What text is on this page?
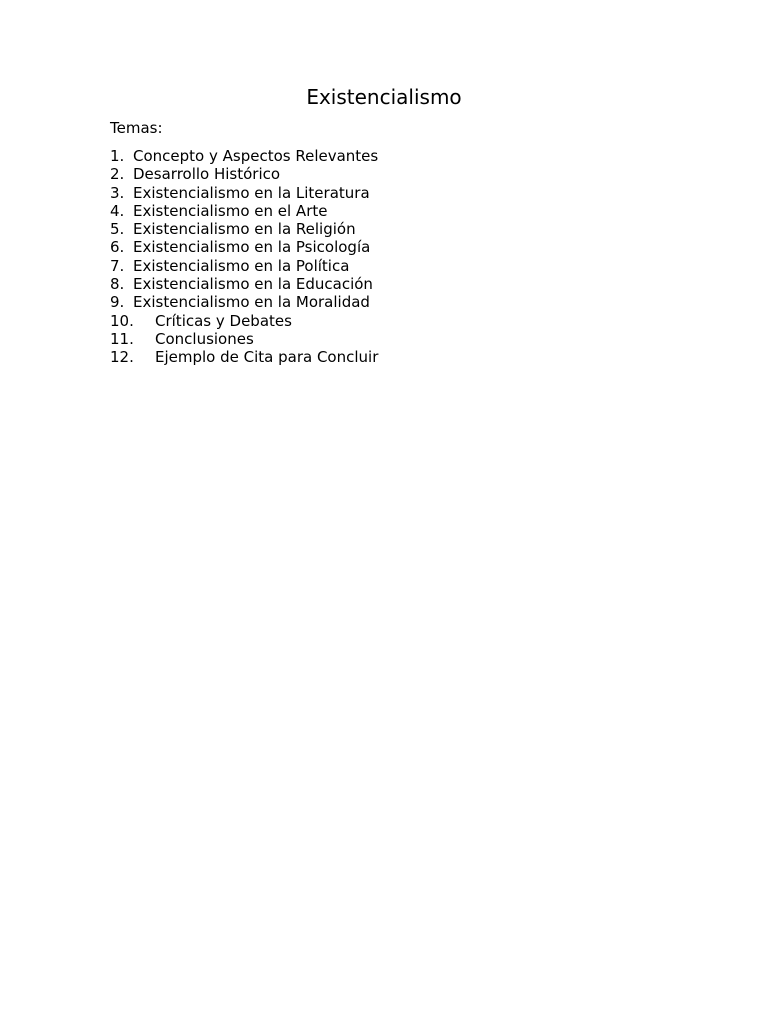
Existencialismo
Temas:
1. Concepto y Aspectos Relevantes
2. Desarrollo Histórico
3. Existencialismo en la Literatura
4. Existencialismo en el Arte
5. Existencialismo en la Religión
6. Existencialismo en la Psicología
7. Existencialismo en la Política
8. Existencialismo en la Educación
9. Existencialismo en la Moralidad
10. Críticas y Debates
11. Conclusiones
12. Ejemplo de Cita para Concluir
